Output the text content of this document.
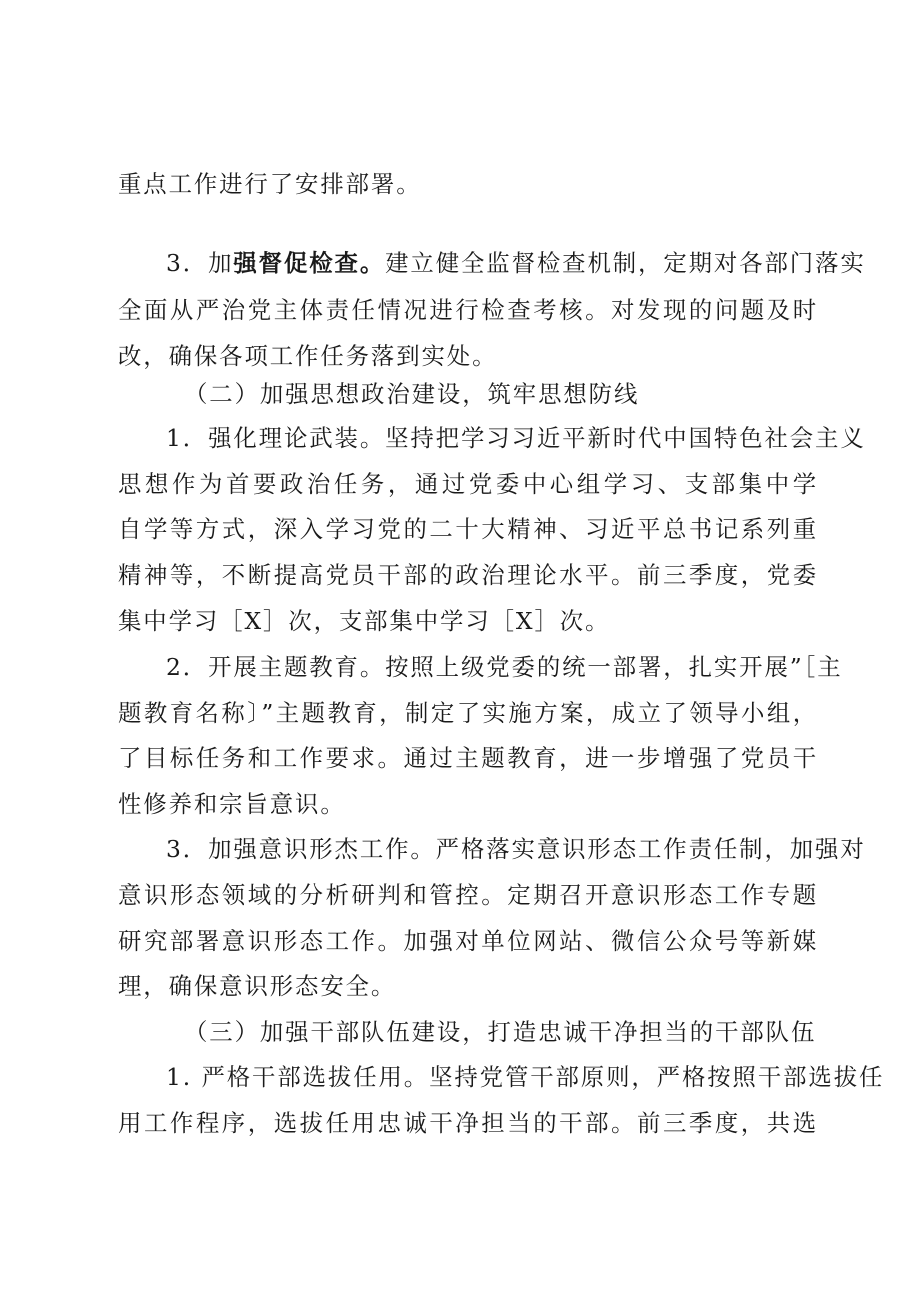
重点工作进行了安排部署。
3．加强督促检查。建立健全监督检查机制，定期对各部门落实
全面从严治党主体责任情况进行检查考核。对发现的问题及时
改，确保各项工作任务落到实处。
（二）加强思想政治建设，筑牢思想防线
1．强化理论武装。坚持把学习习近平新时代中国特色社会主义
思想作为首要政治任务，通过党委中心组学习、支部集中学
自学等方式，深入学习党的二十大精神、习近平总书记系列重
精神等，不断提高党员干部的政治理论水平。前三季度，党委
集中学习［X］次，支部集中学习［X］次。
2．开展主题教育。按照上级党委的统一部署，扎实开展”［主
题教育名称〕”主题教育，制定了实施方案，成立了领导小组，
了目标任务和工作要求。通过主题教育，进一步增强了党员干
性修养和宗旨意识。
3．加强意识形杰工作。严格落实意识形态工作责任制，加强对
意识形态领域的分析研判和管控。定期召开意识形态工作专题
研究部署意识形态工作。加强对单位网站、微信公众号等新媒
理，确保意识形态安全。
（三）加强干部队伍建设，打造忠诚干净担当的干部队伍
1. 严格干部选拔任用。坚持党管干部原则，严格按照干部选拔任
用工作程序，选拔任用忠诚干净担当的干部。前三季度，共选
